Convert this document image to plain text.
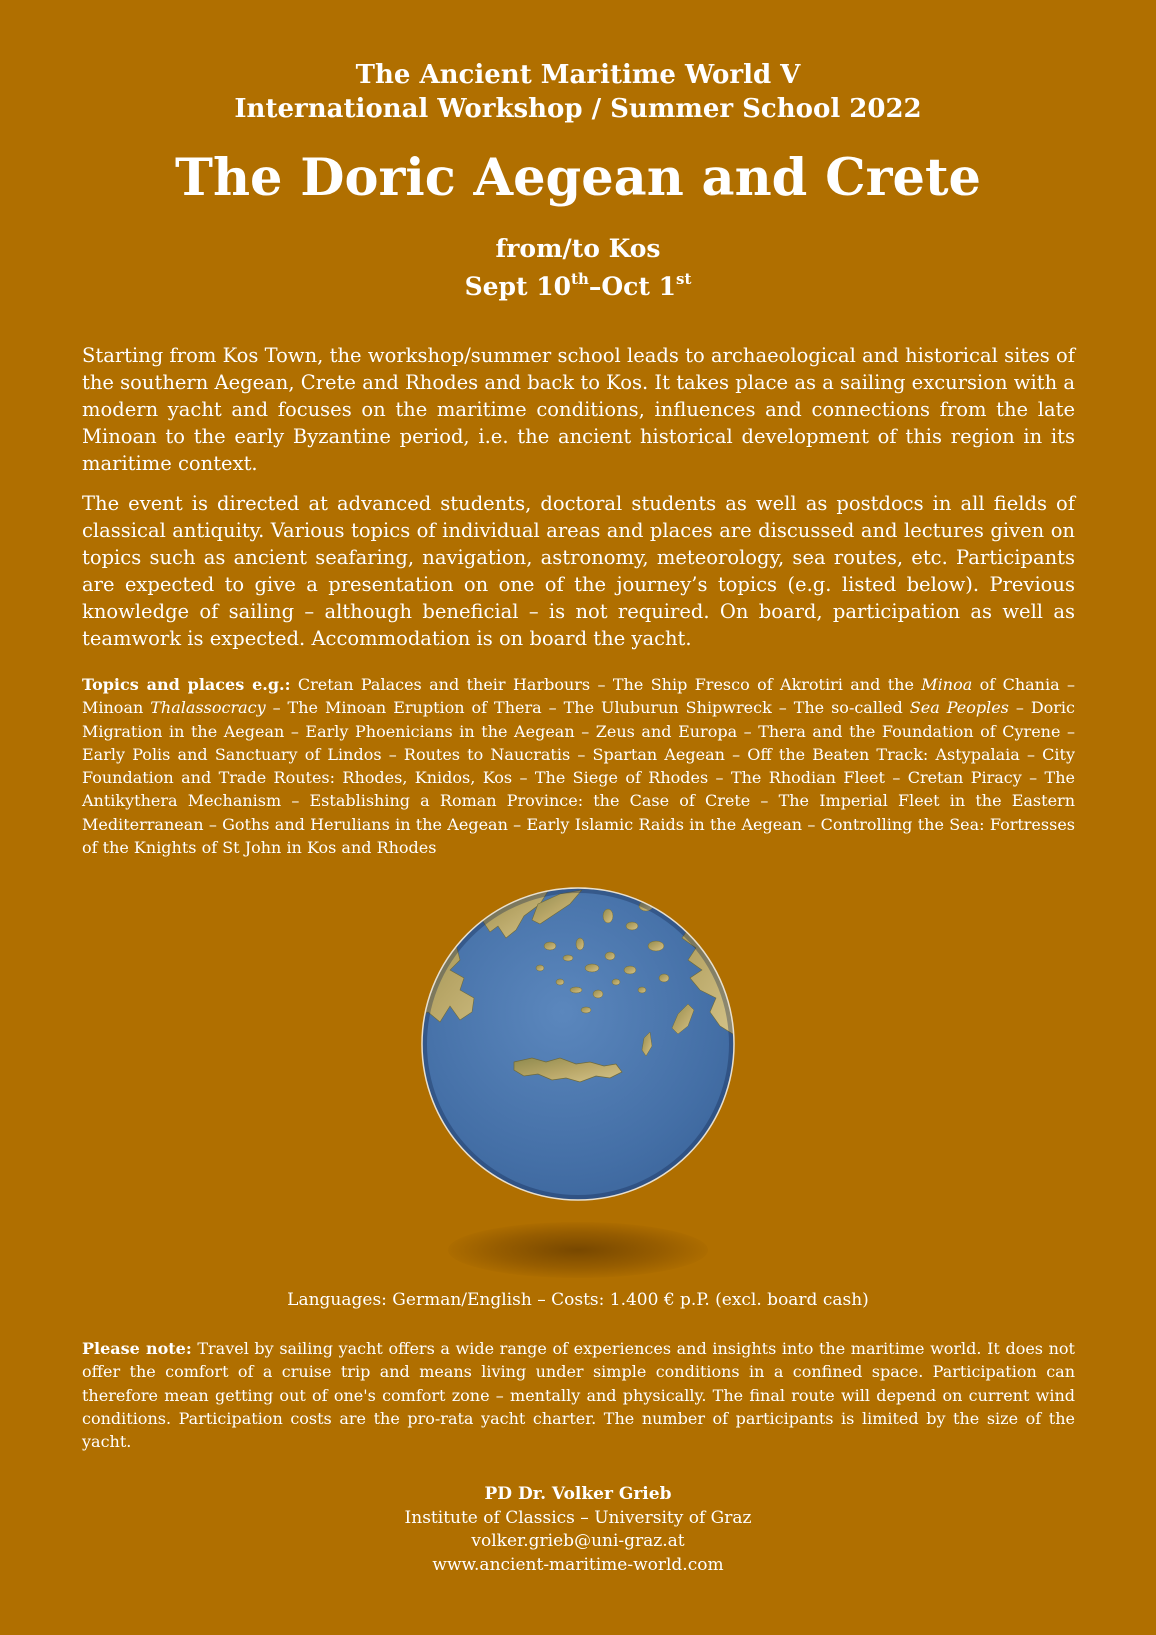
The Ancient Maritime World V
International Workshop / Summer School 2022
The Doric Aegean and Crete
from/to Kos
Sept 10th–Oct 1st

Starting from Kos Town, the workshop/summer school leads to archaeological and historical sites of the southern Aegean, Crete and Rhodes and back to Kos. It takes place as a sailing excursion with a modern yacht and focuses on the maritime conditions, influences and connections from the late Minoan to the early Byzantine period, i.e. the ancient historical development of this region in its maritime context.

The event is directed at advanced students, doctoral students as well as postdocs in all fields of classical antiquity. Various topics of individual areas and places are discussed and lectures given on topics such as ancient seafaring, navigation, astronomy, meteorology, sea routes, etc. Participants are expected to give a presentation on one of the journey’s topics (e.g. listed below). Previous knowledge of sailing – although beneficial – is not required. On board, participation as well as teamwork is expected. Accommodation is on board the yacht.

Topics and places e.g.: Cretan Palaces and their Harbours – The Ship Fresco of Akrotiri and the Minoa of Chania – Minoan Thalassocracy – The Minoan Eruption of Thera – The Uluburun Shipwreck – The so-called Sea Peoples – Doric Migration in the Aegean – Early Phoenicians in the Aegean – Zeus and Europa – Thera and the Foundation of Cyrene – Early Polis and Sanctuary of Lindos – Routes to Naucratis – Spartan Aegean – Off the Beaten Track: Astypalaia – City Foundation and Trade Routes: Rhodes, Knidos, Kos – The Siege of Rhodes – The Rhodian Fleet – Cretan Piracy – The Antikythera Mechanism – Establishing a Roman Province: the Case of Crete – The Imperial Fleet in the Eastern Mediterranean – Goths and Herulians in the Aegean – Early Islamic Raids in the Aegean – Controlling the Sea: Fortresses of the Knights of St John in Kos and Rhodes

Languages: German/English – Costs: 1.400 € p.P. (excl. board cash)

Please note: Travel by sailing yacht offers a wide range of experiences and insights into the maritime world. It does not offer the comfort of a cruise trip and means living under simple conditions in a confined space. Participation can therefore mean getting out of one's comfort zone – mentally and physically. The final route will depend on current wind conditions. Participation costs are the pro-rata yacht charter. The number of participants is limited by the size of the yacht.

PD Dr. Volker Grieb
Institute of Classics – University of Graz
volker.grieb@uni-graz.at
www.ancient-maritime-world.com
